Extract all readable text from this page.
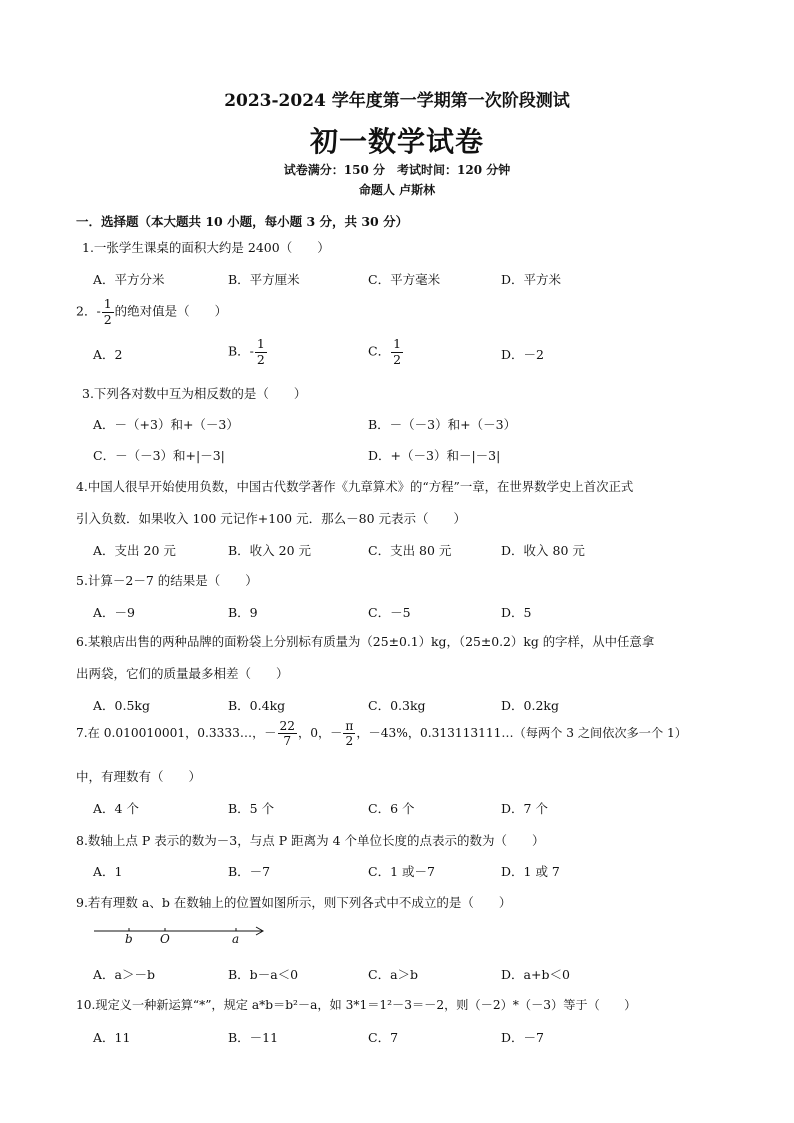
2023-2024 学年度第一学期第一次阶段测试
初一数学试卷
试卷满分：150 分　考试时间：120 分钟
命题人 卢斯林
一．选择题（本大题共 10 小题，每小题 3 分，共 30 分）
1.一张学生课桌的面积大约是 2400（　　）
A．平方分米	B．平方厘米	C．平方毫米	D．平方米
2．- $\frac{1}{2}$ 的绝对值是（　　）
A．2	B．- $\frac{1}{2}$	C． $\frac{1}{2}$	D．－2
3.下列各对数中互为相反数的是（　　）
A．－（+3）和+（－3）	B．－（－3）和+（－3）
C．－（－3）和+|－3|	D．+（－3）和－|－3|
4.中国人很早开始使用负数，中国古代数学著作《九章算术》的“方程”一章，在世界数学史上首次正式
引入负数．如果收入 100 元记作+100 元．那么－80 元表示（　　）
A．支出 20 元	B．收入 20 元	C．支出 80 元	D．收入 80 元
5.计算－2－7 的结果是（　　）
A．－9	B．9	C．－5	D．5
6.某粮店出售的两种品牌的面粉袋上分别标有质量为（25±0.1）kg，（25±0.2）kg 的字样，从中任意拿
出两袋，它们的质量最多相差（　　）
A．0.5kg	B．0.4kg	C．0.3kg	D．0.2kg
7.在 0.010010001，0.3333…，－ $\frac{22}{7}$ ，0，－ $\frac{\pi}{2}$ ，－43%，0.313113111…（每两个 3 之间依次多一个 1）
中，有理数有（　　）
A．4 个	B．5 个	C．6 个	D．7 个
8.数轴上点 P 表示的数为－3，与点 P 距离为 4 个单位长度的点表示的数为（　　）
A．1	B．－7	C．1 或－7	D．1 或 7
9.若有理数 a、b 在数轴上的位置如图所示，则下列各式中不成立的是（　　）
b O	a
A．a＞－b	B．b－a＜0	C．a＞b	D．a+b＜0
10.现定义一种新运算“*”，规定 a*b＝b²－a，如 3*1＝1²－3＝－2，则（－2）*（－3）等于（　　）
A．11	B．－11	C．7	D．－7
